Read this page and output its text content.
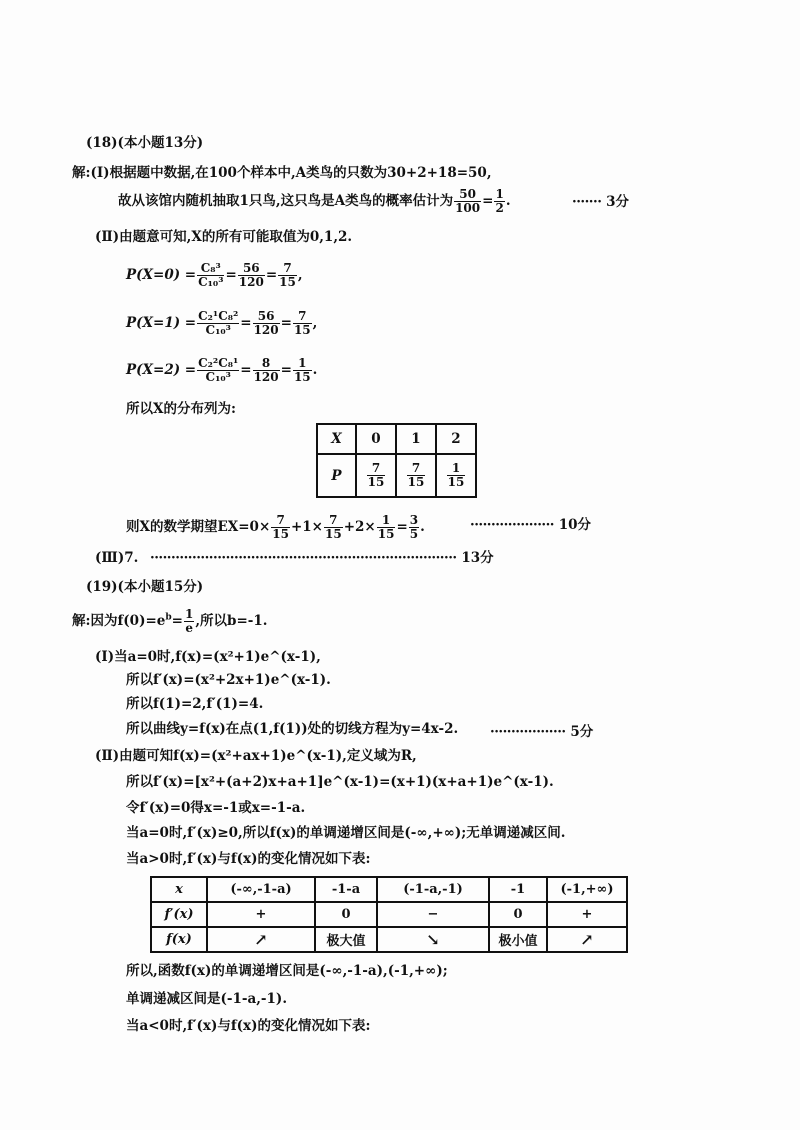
(18)(本小题13分)
解:(Ⅰ)根据题中数据,在100个样本中,A类鸟的只数为30+2+18=50,
故从该馆内随机抽取1只鸟,这只鸟是A类鸟的概率估计为 $\frac{50}{100} = \frac{1}{2}$ .	······· 3分
(Ⅱ)由题意可知,X的所有可能取值为0,1,2.
$P(X=0) = \frac{\text{C₈³}}{\text{C₁₀³}} = \frac{56}{120} = \frac{7}{15}$ ,
$P(X=1) = \frac{\text{C₂¹C₈²}}{\text{C₁₀³}} = \frac{56}{120} = \frac{7}{15}$ ,
$P(X=2) = \frac{\text{C₂²C₈¹}}{\text{C₁₀³}} = \frac{8}{120} = \frac{1}{15}$ .
所以X的分布列为:
X	0	1	2
P	$\frac{7}{15}$	$\frac{7}{15}$	$\frac{1}{15}$
则X的数学期望$EX=0\times \frac{7}{15} +1\times \frac{7}{15} +2\times \frac{1}{15} = \frac{3}{5}$ .	···················· 10分
(Ⅲ)7. ········································································· 13分
(19)(本小题15分)
解:因为$f(0)=e^b= \frac{1}{e}$ ,所以b=-1.
(Ⅰ)当a=0时,f(x)=(x²+1)e^(x-1),
所以f′(x)=(x²+2x+1)e^(x-1).
所以f(1)=2,f′(1)=4.
所以曲线y=f(x)在点(1,f(1))处的切线方程为y=4x-2. ·················· 5分
(Ⅱ)由题可知f(x)=(x²+ax+1)e^(x-1),定义域为R,
所以f′(x)=[x²+(a+2)x+a+1]e^(x-1)=(x+1)(x+a+1)e^(x-1).
令f′(x)=0得x=-1或x=-1-a.
当a=0时,f′(x)≥0,所以f(x)的单调递增区间是(-∞,+∞);无单调递减区间.
当a>0时,f′(x)与f(x)的变化情况如下表:
x	(-∞,-1-a)	-1-a	(-1-a,-1)	-1	(-1,+∞)
f′(x)	+	0	−	0	+
f(x)	↗	极大值	↘	极小值	↗
所以,函数f(x)的单调递增区间是(-∞,-1-a),(-1,+∞);
单调递减区间是(-1-a,-1).
当a<0时,f′(x)与f(x)的变化情况如下表:
